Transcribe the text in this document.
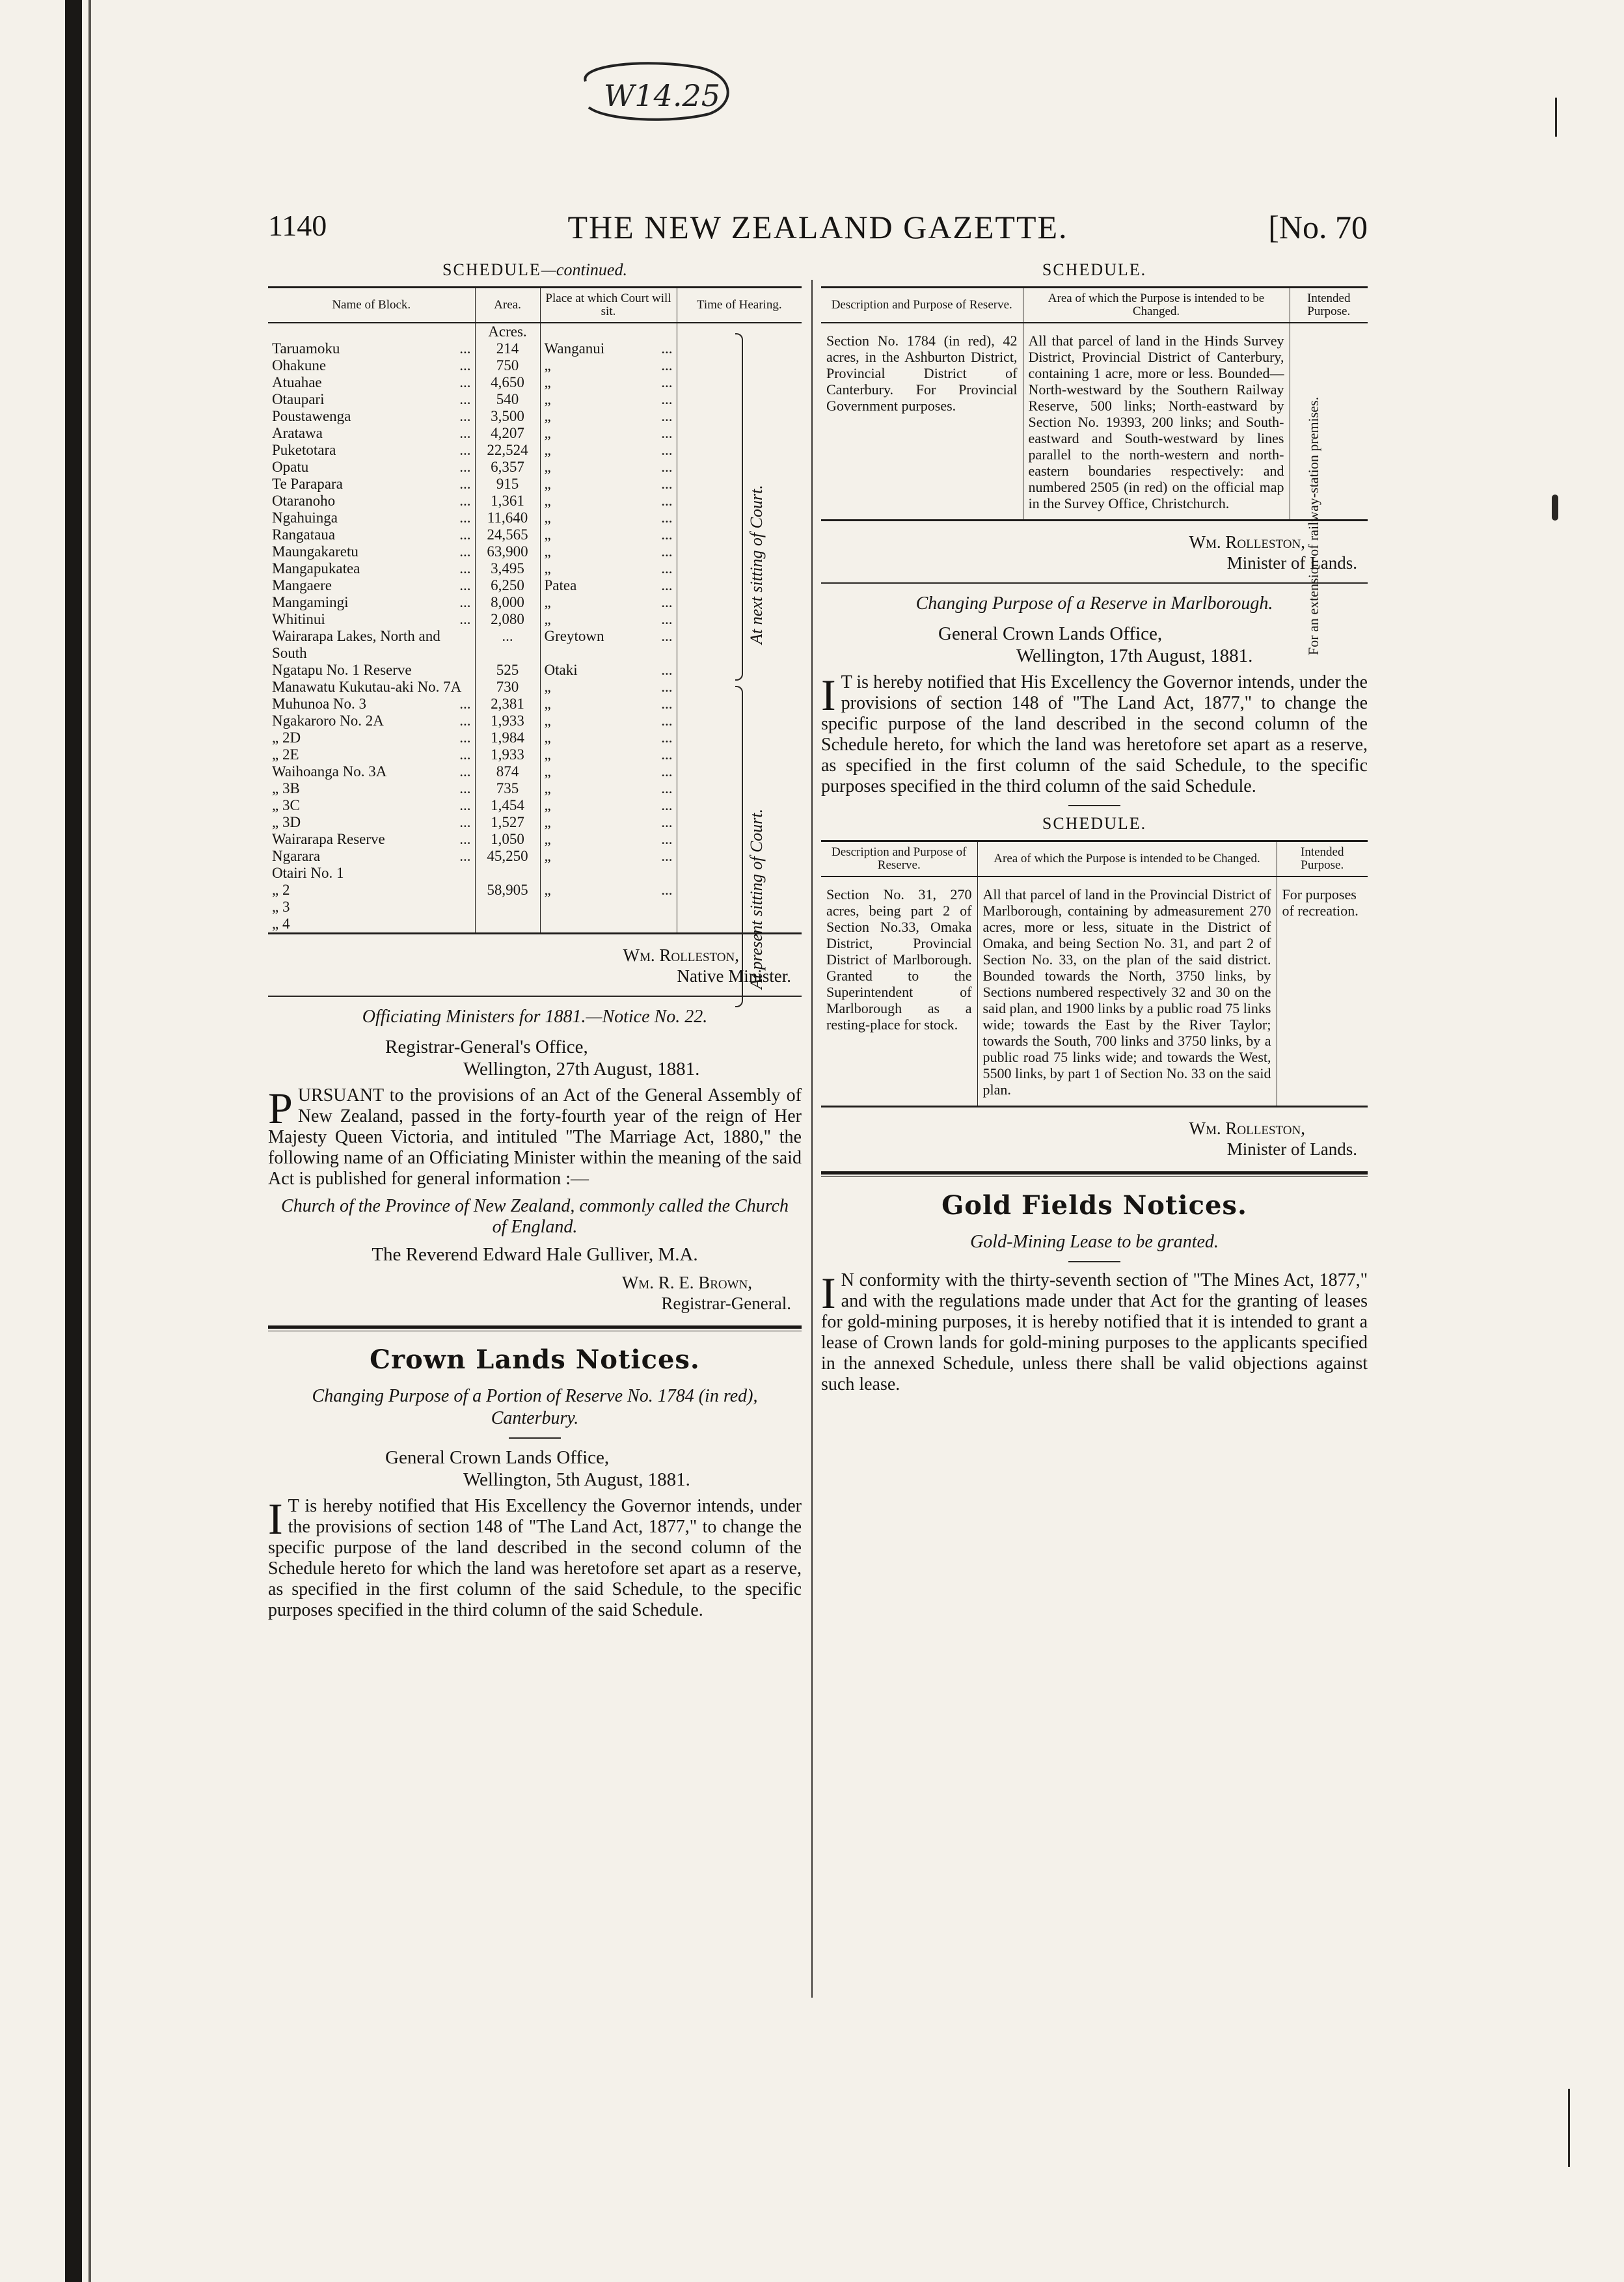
W14.25
1140	THE NEW ZEALAND GAZETTE.	[No. 70
SCHEDULE—continued.
Name of Block.	Area.	Place at which Court will sit.	Time of Hearing.
	Acres.		
Taruamoku ...	214	Wanganui ...	

Ohakune ...	750	„ ...	

Atuahae ...	4,650	„ ...	

Otaupari ...	540	„ ...	

Poustawenga ...	3,500	„ ...	

Aratawa ...	4,207	„ ...	

Puketotara ...	22,524	„ ...	

Opatu ...	6,357	„ ...	

Te Parapara ...	915	„ ...	

Otaranoho ...	1,361	„ ...	

Ngahuinga ...	11,640	„ ...	

Rangataua ...	24,565	„ ...	

Maungakaretu ...	63,900	„ ...	

Mangapukatea ...	3,495	„ ...	

Mangaere ...	6,250	Patea ...	

Mangamingi ...	8,000	„ ...	

Whitinui ...	2,080	„ ...	

Wairarapa Lakes, North and South	...	Greytown ...	

Ngatapu No. 1 Reserve	525	Otaki ...	

Manawatu Kukutau-aki No. 7A	730	„ ...	

Muhunoa No. 3 ...	2,381	„ ...	

Ngakaroro No. 2A ...	1,933	„ ...	

„ 2D ...	1,984	„ ...	

„ 2E ...	1,933	„ ...	

Waihoanga No. 3A ...	874	„ ...	

„ 3B ...	735	„ ...	

„ 3C ...	1,454	„ ...	

„ 3D ...	1,527	„ ...	

Wairarapa Reserve ...	1,050	„ ...	

Ngarara ...	45,250	„ ...	

Otairi No. 1

„ 2	58,905	„ ...	

„ 3

„ 4

At next sitting of Court.
At present sitting of Court.
Wm. Rolleston,
Native Minister.
Officiating Ministers for 1881.—Notice No. 22.
Registrar-General's Office,
Wellington, 27th August, 1881.

PURSUANT to the provisions of an Act of the General Assembly of New Zealand, passed in the forty-fourth year of the reign of Her Majesty Queen Victoria, and intituled "The Marriage Act, 1880," the following name of an Officiating Minister within the meaning of the said Act is published for general information :—

Church of the Province of New Zealand, commonly called the Church of England.
The Reverend Edward Hale Gulliver, M.A.
Wm. R. E. Brown,
Registrar-General.
Crown Lands Notices.
Changing Purpose of a Portion of Reserve No. 1784 (in red), Canterbury.
General Crown Lands Office,
Wellington, 5th August, 1881.

I T is hereby notified that His Excellency the Governor intends, under the provisions of section 148 of "The Land Act, 1877," to change the specific purpose of the land described in the second column of the Schedule hereto for which the land was heretofore set apart as a reserve, as specified in the first column of the said Schedule, to the specific purposes specified in the third column of the said Schedule.

SCHEDULE.
Description and Purpose of Reserve.	Area of which the Purpose is intended to be Changed.	Intended Purpose.
Section No. 1784 (in red), 42 acres, in the Ashburton District, Provincial District of Canterbury. For Provincial Government purposes.	All that parcel of land in the Hinds Survey District, Provincial District of Canterbury, containing 1 acre, more or less. Bounded—North-westward by the Southern Railway Reserve, 500 links; North-eastward by Section No. 19393, 200 links; and South-eastward and South-westward by lines parallel to the north-western and north-eastern boundaries respectively: and numbered 2505 (in red) on the official map in the Survey Office, Christchurch.	For an extension of railway-station premises.
Wm. Rolleston,
Minister of Lands.
Changing Purpose of a Reserve in Marlborough.
General Crown Lands Office,
Wellington, 17th August, 1881.

I T is hereby notified that His Excellency the Governor intends, under the provisions of section 148 of "The Land Act, 1877," to change the specific purpose of the land described in the second column of the Schedule hereto, for which the land was heretofore set apart as a reserve, as specified in the first column of the said Schedule, to the specific purposes specified in the third column of the said Schedule.

SCHEDULE.
Description and Purpose of Reserve.	Area of which the Purpose is intended to be Changed.	Intended Purpose.
Section No. 31, 270 acres, being part 2 of Section No.33, Omaka District, Provincial District of Marlborough. Granted to the Superintendent of Marlborough as a resting-place for stock.	All that parcel of land in the Provincial District of Marlborough, containing by admeasurement 270 acres, more or less, situate in the District of Omaka, and being Section No. 31, and part 2 of Section No. 33, on the plan of the said district. Bounded towards the North, 3750 links, by Sections numbered respectively 32 and 30 on the said plan, and 1900 links by a public road 75 links wide; towards the East by the River Taylor; towards the South, 700 links and 3750 links, by a public road 75 links wide; and towards the West, 5500 links, by part 1 of Section No. 33 on the said plan.	For purposes of recreation.
Wm. Rolleston,
Minister of Lands.
Gold Fields Notices.
Gold-Mining Lease to be granted.

I N conformity with the thirty-seventh section of "The Mines Act, 1877," and with the regulations made under that Act for the granting of leases for gold-mining purposes, it is hereby notified that it is intended to grant a lease of Crown lands for gold-mining purposes to the applicants specified in the annexed Schedule, unless there shall be valid objections against such lease.
